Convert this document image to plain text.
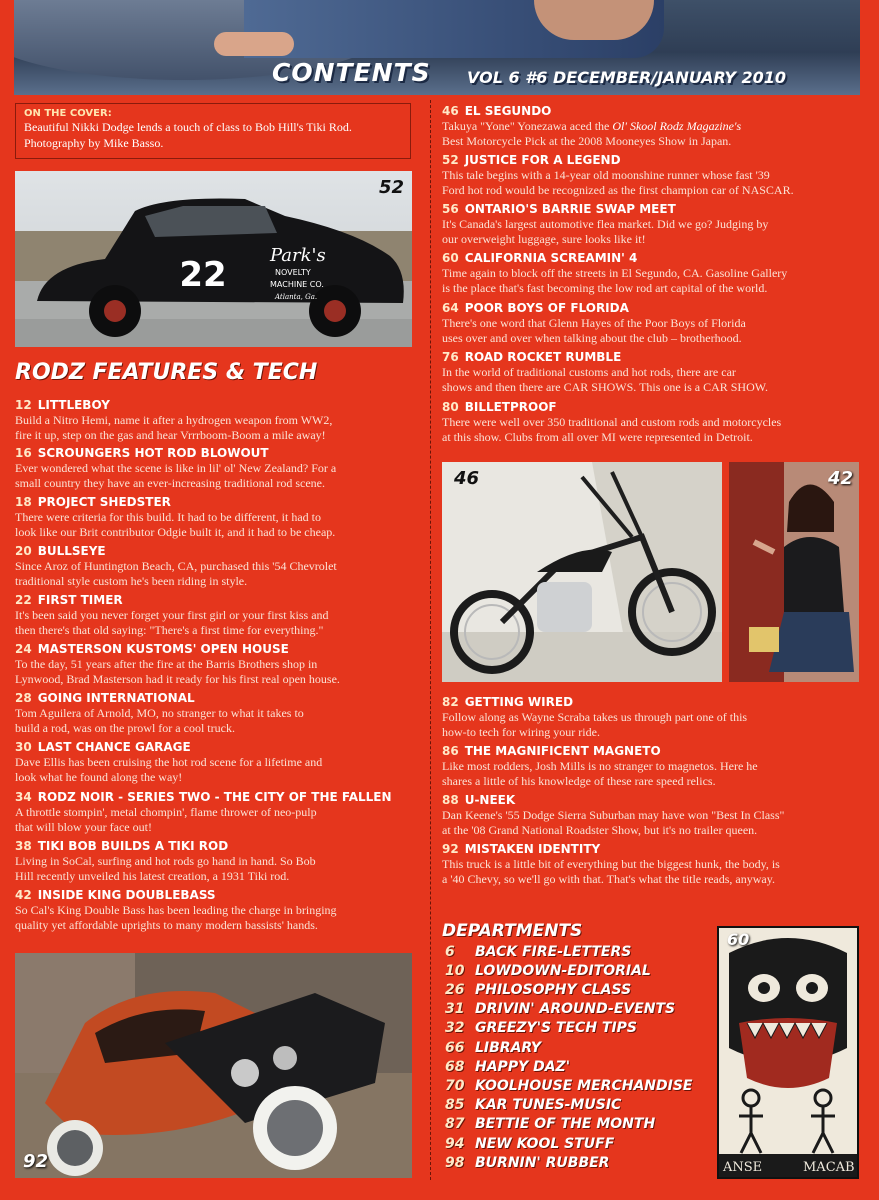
CONTENTS VOL 6 #6 DECEMBER/JANUARY 2010
ON THE COVER:
Beautiful Nikki Dodge lends a touch of class to Bob Hill's Tiki Rod.
Photography by Mike Basso.
22 Park's
NOVELTY
MACHINE CO.
Atlanta, Ga.
52
RODZ FEATURES & TECH
12 LITTLEBOY
Build a Nitro Hemi, name it after a hydrogen weapon from WW2,
fire it up, step on the gas and hear Vrrrboom-Boom a mile away!
16 SCROUNGERS HOT ROD BLOWOUT
Ever wondered what the scene is like in lil' ol' New Zealand? For a
small country they have an ever-increasing traditional rod scene.
18 PROJECT SHEDSTER
There were criteria for this build. It had to be different, it had to
look like our Brit contributor Odgie built it, and it had to be cheap.
20 BULLSEYE
Since Aroz of Huntington Beach, CA, purchased this '54 Chevrolet
traditional style custom he's been riding in style.
22 FIRST TIMER
It's been said you never forget your first girl or your first kiss and
then there's that old saying: "There's a first time for everything."
24 MASTERSON KUSTOMS' OPEN HOUSE
To the day, 51 years after the fire at the Barris Brothers shop in
Lynwood, Brad Masterson had it ready for his first real open house.
28 GOING INTERNATIONAL
Tom Aguilera of Arnold, MO, no stranger to what it takes to
build a rod, was on the prowl for a cool truck.
30 LAST CHANCE GARAGE
Dave Ellis has been cruising the hot rod scene for a lifetime and
look what he found along the way!
34 RODZ NOIR - SERIES TWO - THE CITY OF THE FALLEN
A throttle stompin', metal chompin', flame thrower of neo-pulp
that will blow your face out!
38 TIKI BOB BUILDS A TIKI ROD
Living in SoCal, surfing and hot rods go hand in hand. So Bob
Hill recently unveiled his latest creation, a 1931 Tiki rod.
42 INSIDE KING DOUBLEBASS
So Cal's King Double Bass has been leading the charge in bringing
quality yet affordable uprights to many modern bassists' hands.
92
46 EL SEGUNDO
Takuya "Yone" Yonezawa aced the Ol' Skool Rodz Magazine's
Best Motorcycle Pick at the 2008 Mooneyes Show in Japan.
52 JUSTICE FOR A LEGEND
This tale begins with a 14-year old moonshine runner whose fast '39
Ford hot rod would be recognized as the first champion car of NASCAR.
56 ONTARIO'S BARRIE SWAP MEET
It's Canada's largest automotive flea market. Did we go? Judging by
our overweight luggage, sure looks like it!
60 CALIFORNIA SCREAMIN' 4
Time again to block off the streets in El Segundo, CA. Gasoline Gallery
is the place that's fast becoming the low rod art capital of the world.
64 POOR BOYS OF FLORIDA
There's one word that Glenn Hayes of the Poor Boys of Florida
uses over and over when talking about the club – brotherhood.
76 ROAD ROCKET RUMBLE
In the world of traditional customs and hot rods, there are car
shows and then there are CAR SHOWS. This one is a CAR SHOW.
80 BILLETPROOF
There were well over 350 traditional and custom rods and motorcycles
at this show. Clubs from all over MI were represented in Detroit.
46	42
82 GETTING WIRED
Follow along as Wayne Scraba takes us through part one of this
how-to tech for wiring your ride.
86 THE MAGNIFICENT MAGNETO
Like most rodders, Josh Mills is no stranger to magnetos. Here he
shares a little of his knowledge of these rare speed relics.
88 U-NEEK
Dan Keene's '55 Dodge Sierra Suburban may have won "Best In Class"
at the '08 Grand National Roadster Show, but it's no trailer queen.
92 MISTAKEN IDENTITY
This truck is a little bit of everything but the biggest hunk, the body, is
a '40 Chevy, so we'll go with that. That's what the title reads, anyway.
DEPARTMENTS
6 BACK FIRE-LETTERS
10 LOWDOWN-EDITORIAL
26 PHILOSOPHY CLASS
31 DRIVIN' AROUND-EVENTS
32 GREEZY'S TECH TIPS
66 LIBRARY
68 HAPPY DAZ'
70 KOOLHOUSE MERCHANDISE
85 KAR TUNES-MUSIC
87 BETTIE OF THE MONTH
94 NEW KOOL STUFF
98 BURNIN' RUBBER	ANSE	MACAB
60
